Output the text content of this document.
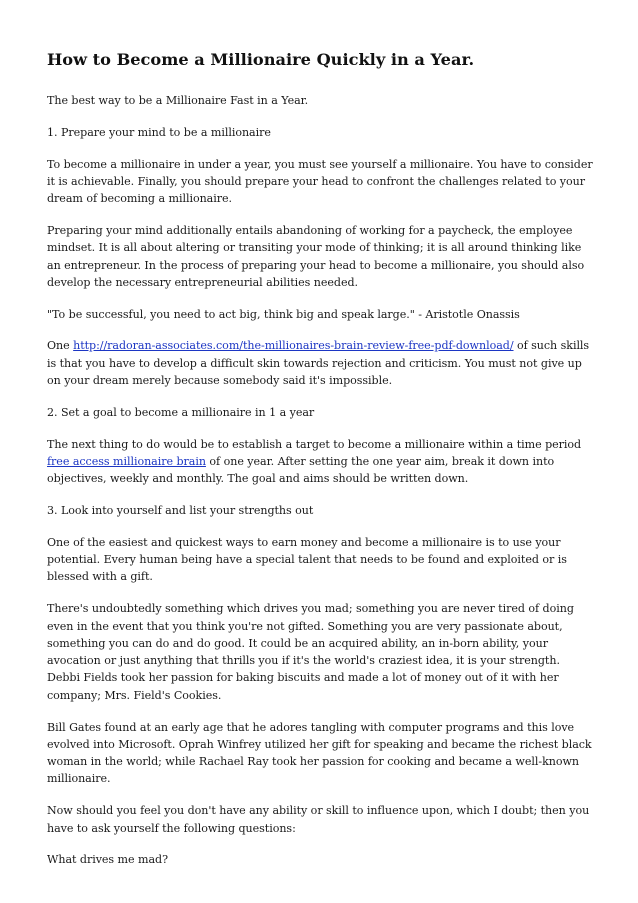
How to Become a Millionaire Quickly in a Year.

The best way to be a Millionaire Fast in a Year.

1. Prepare your mind to be a millionaire

To become a millionaire in under a year, you must see yourself a millionaire. You have to consider it is achievable. Finally, you should prepare your head to confront the challenges related to your dream of becoming a millionaire.

Preparing your mind additionally entails abandoning of working for a paycheck, the employee mindset. It is all about altering or transiting your mode of thinking; it is all around thinking like an entrepreneur. In the process of preparing your head to become a millionaire, you should also develop the necessary entrepreneurial abilities needed.

"To be successful, you need to act big, think big and speak large." - Aristotle Onassis

One http://radoran-associates.com/the-millionaires-brain-review-free-pdf-download/ of such skills is that you have to develop a difficult skin towards rejection and criticism. You must not give up on your dream merely because somebody said it's impossible.

2. Set a goal to become a millionaire in 1 a year

The next thing to do would be to establish a target to become a millionaire within a time period free access millionaire brain of one year. After setting the one year aim, break it down into objectives, weekly and monthly. The goal and aims should be written down.

3. Look into yourself and list your strengths out

One of the easiest and quickest ways to earn money and become a millionaire is to use your potential. Every human being have a special talent that needs to be found and exploited or is blessed with a gift.

There's undoubtedly something which drives you mad; something you are never tired of doing even in the event that you think you're not gifted. Something you are very passionate about, something you can do and do good. It could be an acquired ability, an in-born ability, your avocation or just anything that thrills you if it's the world's craziest idea, it is your strength. Debbi Fields took her passion for baking biscuits and made a lot of money out of it with her company; Mrs. Field's Cookies.

Bill Gates found at an early age that he adores tangling with computer programs and this love evolved into Microsoft. Oprah Winfrey utilized her gift for speaking and became the richest black woman in the world; while Rachael Ray took her passion for cooking and became a well-known millionaire.

Now should you feel you don't have any ability or skill to influence upon, which I doubt; then you have to ask yourself the following questions:

What drives me mad?
